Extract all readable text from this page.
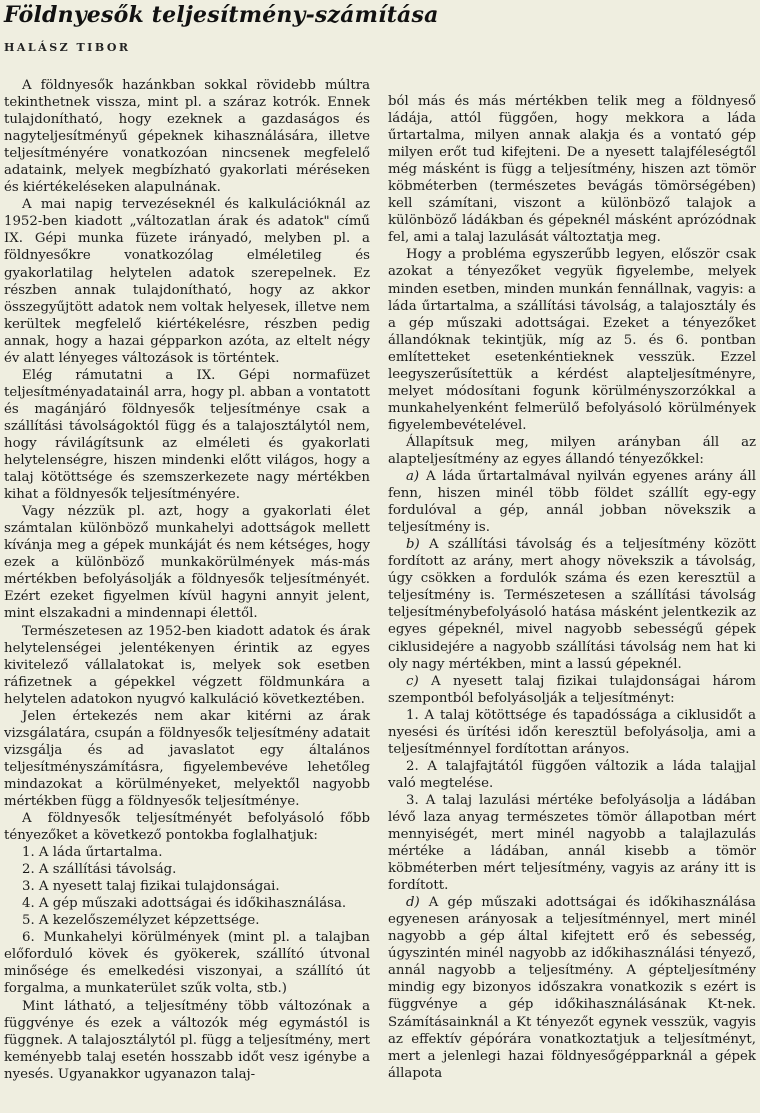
Földnyesők teljesítmény-számítása
HALÁSZ TIBOR

A földnyesők hazánkban sokkal rövidebb múltra tekinthetnek vissza, mint pl. a száraz kotrók. Ennek tulajdonítható, hogy ezeknek a gazdaságos és nagyteljesítményű gépeknek kihasználására, illetve teljesítményére vonatkozóan nincsenek megfelelő adataink, melyek megbízható gyakorlati méréseken és kiértékeléseken alapulnának.

A mai napig tervezéseknél és kalkulációknál az 1952-ben kiadott „változatlan árak és adatok" című IX. Gépi munka füzete irányadó, melyben pl. a földnyesőkre vonatkozólag elméletileg és gyakorlatilag helytelen adatok szerepelnek. Ez részben annak tulajdonítható, hogy az akkor összegyűjtött adatok nem voltak helyesek, illetve nem kerültek megfelelő kiértékelésre, részben pedig annak, hogy a hazai gépparkon azóta, az eltelt négy év alatt lényeges változások is történtek.

Elég rámutatni a IX. Gépi normafüzet teljesítményadatainál arra, hogy pl. abban a vontatott és magánjáró földnyesők teljesítménye csak a szállítási távolságoktól függ és a talajosztálytól nem, hogy rávilágítsunk az elméleti és gyakorlati helytelenségre, hiszen mindenki előtt világos, hogy a talaj kötöttsége és szemszerkezete nagy mértékben kihat a földnyesők teljesítményére.

Vagy nézzük pl. azt, hogy a gyakorlati élet számtalan különböző munkahelyi adottságok mellett kívánja meg a gépek munkáját és nem kétséges, hogy ezek a különböző munkakörülmények más-más mértékben befolyásolják a földnyesők teljesítményét. Ezért ezeket figyelmen kívül hagyni annyit jelent, mint elszakadni a mindennapi élettől.

Természetesen az 1952-ben kiadott adatok és árak helytelenségei jelentékenyen érintik az egyes kivitelező vállalatokat is, melyek sok esetben ráfizetnek a gépekkel végzett földmunkára a helytelen adatokon nyugvó kalkuláció következtében.

Jelen értekezés nem akar kitérni az árak vizsgálatára, csupán a földnyesők teljesítmény adatait vizsgálja és ad javaslatot egy általános teljesítményszámításra, figyelembevéve lehetőleg mindazokat a körülményeket, melyektől nagyobb mértékben függ a földnyesők teljesítménye.

A földnyesők teljesítményét befolyásoló főbb tényezőket a következő pontokba foglalhatjuk:

1. A láda űrtartalma.

2. A szállítási távolság.

3. A nyesett talaj fizikai tulajdonságai.

4. A gép műszaki adottságai és időkihasználása.

5. A kezelőszemélyzet képzettsége.

6. Munkahelyi körülmények (mint pl. a talajban előforduló kövek és gyökerek, szállító útvonal minősége és emelkedési viszonyai, a szállító út forgalma, a munkaterület szűk volta, stb.)

Mint látható, a teljesítmény több változónak a függvénye és ezek a változók még egymástól is függnek. A talajosztálytól pl. függ a teljesítmény, mert keményebb talaj esetén hosszabb időt vesz igénybe a nyesés. Ugyanakkor ugyanazon talaj-

ból más és más mértékben telik meg a földnyeső ládája, attól függően, hogy mekkora a láda űrtartalma, milyen annak alakja és a vontató gép milyen erőt tud kifejteni. De a nyesett talajféleségtől még másként is függ a teljesítmény, hiszen azt tömör köbméterben (természetes bevágás tömörségében) kell számítani, viszont a különböző talajok a különböző ládákban és gépeknél másként aprózódnak fel, ami a talaj lazulását változtatja meg.

Hogy a probléma egyszerűbb legyen, először csak azokat a tényezőket vegyük figyelembe, melyek minden esetben, minden munkán fennállnak, vagyis: a láda űrtartalma, a szállítási távolság, a talajosztály és a gép műszaki adottságai. Ezeket a tényezőket állandóknak tekintjük, míg az 5. és 6. pontban említetteket esetenkéntieknek vesszük. Ezzel leegyszerűsítettük a kérdést alapteljesítményre, melyet módosítani fogunk körülményszorzókkal a munkahelyenként felmerülő befolyásoló körülmények figyelembevételével.

Állapítsuk meg, milyen arányban áll az alapteljesítmény az egyes állandó tényezőkkel:

a) A láda űrtartalmával nyilván egyenes arány áll fenn, hiszen minél több földet szállít egy-egy fordulóval a gép, annál jobban növekszik a teljesítmény is.

b) A szállítási távolság és a teljesítmény között fordított az arány, mert ahogy növekszik a távolság, úgy csökken a fordulók száma és ezen keresztül a teljesítmény is. Természetesen a szállítási távolság teljesítménybefolyásoló hatása másként jelentkezik az egyes gépeknél, mivel nagyobb sebességű gépek ciklusidejére a nagyobb szállítási távolság nem hat ki oly nagy mértékben, mint a lassú gépeknél.

c) A nyesett talaj fizikai tulajdonságai három szempontból befolyásolják a teljesítményt:

1. A talaj kötöttsége és tapadóssága a ciklusidőt a nyesési és ürítési időn keresztül befolyásolja, ami a teljesítménnyel fordítottan arányos.

2. A talajfajtától függően változik a láda talajjal való megtelése.

3. A talaj lazulási mértéke befolyásolja a ládában lévő laza anyag természetes tömör állapotban mért mennyiségét, mert minél nagyobb a talajlazulás mértéke a ládában, annál kisebb a tömör köbméterben mért teljesítmény, vagyis az arány itt is fordított.

d) A gép műszaki adottságai és időkihasználása egyenesen arányosak a teljesítménnyel, mert minél nagyobb a gép által kifejtett erő és sebesség, úgyszintén minél nagyobb az időkihasználási tényező, annál nagyobb a teljesítmény. A gépteljesítmény mindig egy bizonyos időszakra vonatkozik s ezért is függvénye a gép időkihasználásának Kt-nek. Számításainknál a Kt tényezőt egynek vesszük, vagyis az effektív gépórára vonatkoztatjuk a teljesítményt, mert a jelenlegi hazai földnyesőgépparknál a gépek állapota
